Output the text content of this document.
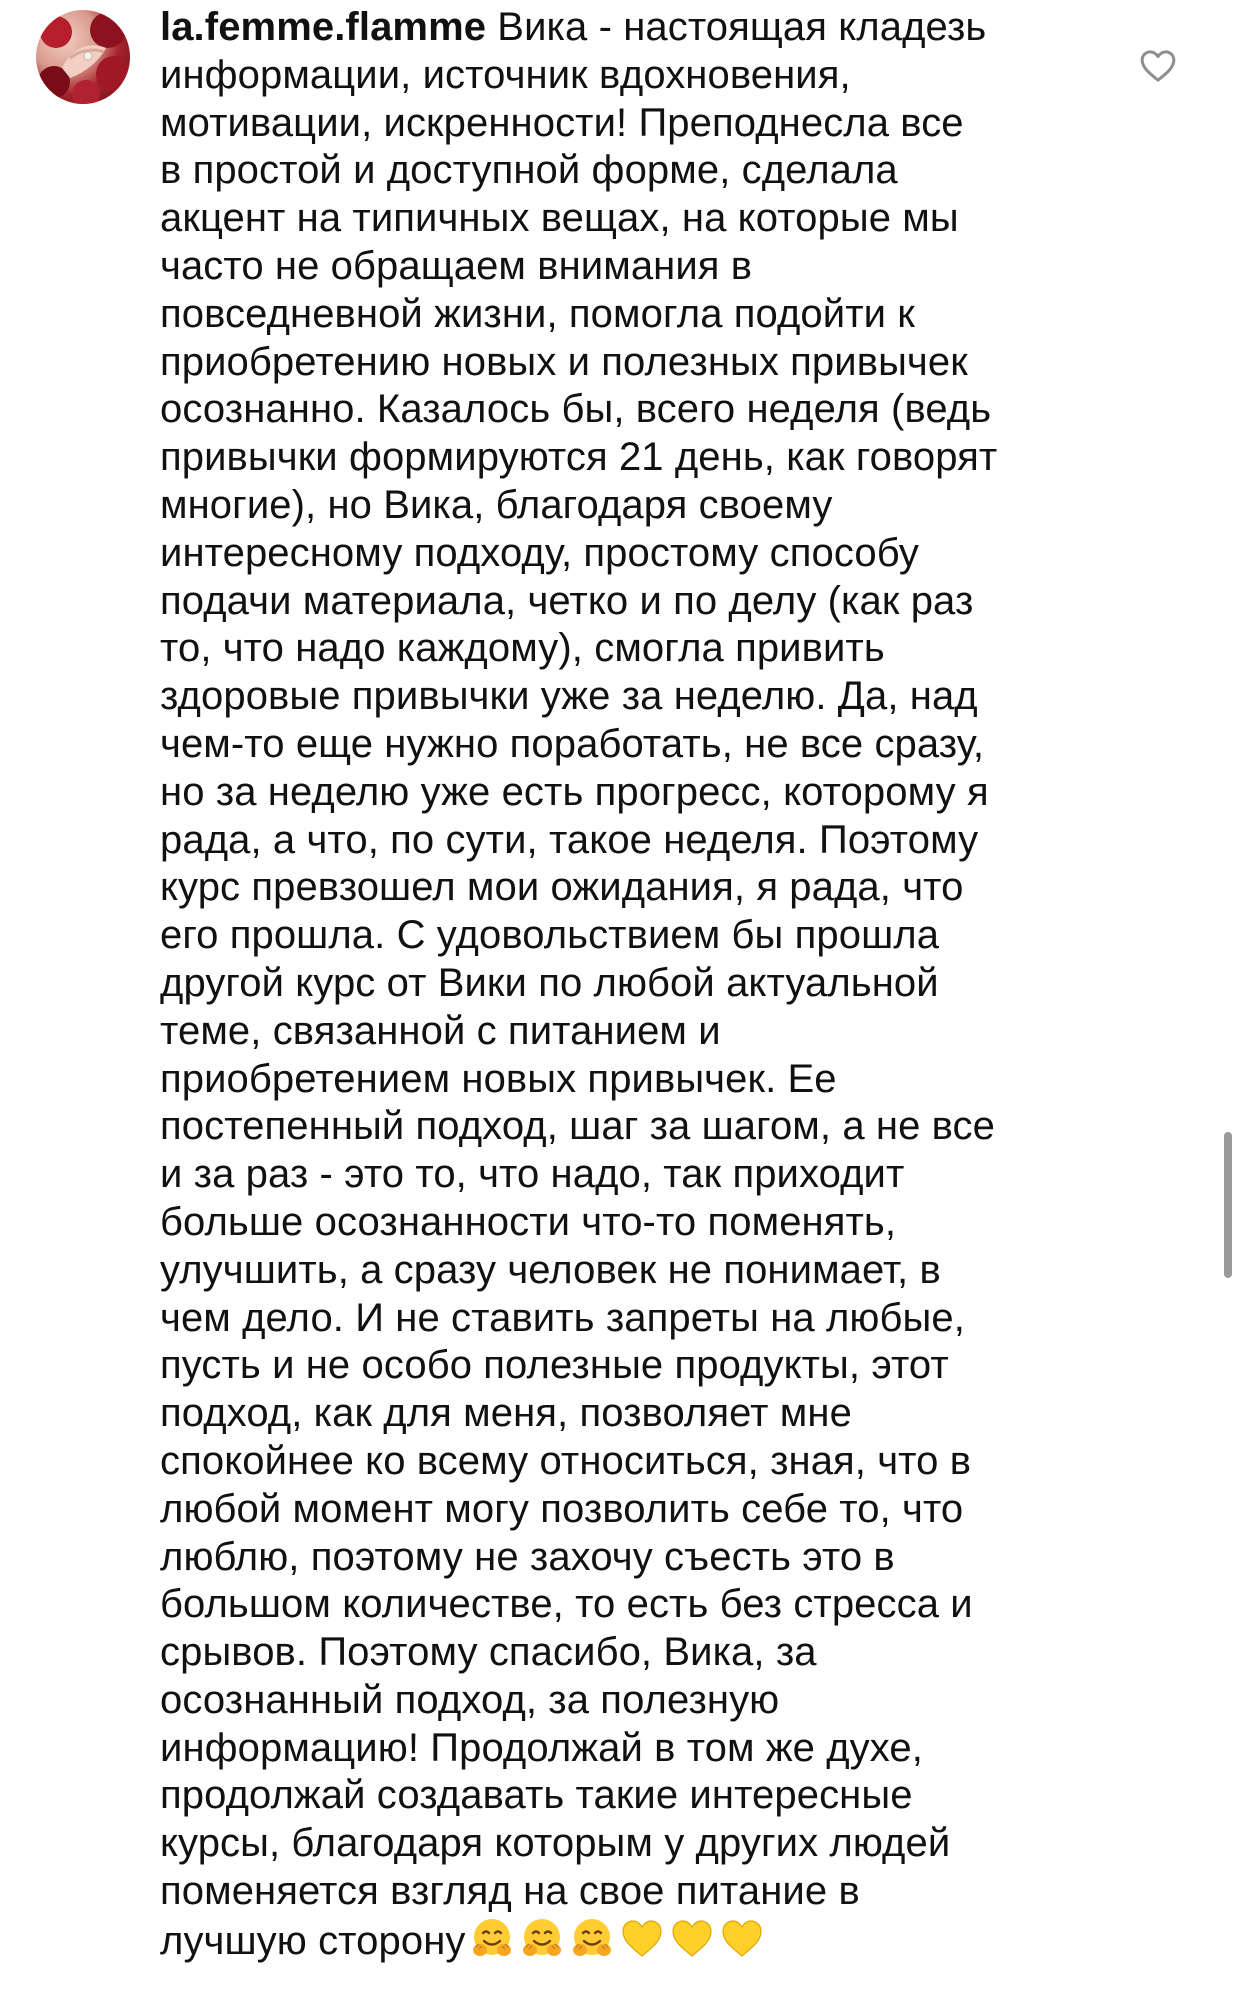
la.femme.flamme Вика - настоящая кладезь
информации, источник вдохновения,
мотивации, искренности! Преподнесла все
в простой и доступной форме, сделала
акцент на типичных вещах, на которые мы
часто не обращаем внимания в
повседневной жизни, помогла подойти к
приобретению новых и полезных привычек
осознанно. Казалось бы, всего неделя (ведь
привычки формируются 21 день, как говорят
многие), но Вика, благодаря своему
интересному подходу, простому способу
подачи материала, четко и по делу (как раз
то, что надо каждому), смогла привить
здоровые привычки уже за неделю. Да, над
чем-то еще нужно поработать, не все сразу,
но за неделю уже есть прогресс, которому я
рада, а что, по сути, такое неделя. Поэтому
курс превзошел мои ожидания, я рада, что
его прошла. С удовольствием бы прошла
другой курс от Вики по любой актуальной
теме, связанной с питанием и
приобретением новых привычек. Ее
постепенный подход, шаг за шагом, а не все
и за раз - это то, что надо, так приходит
больше осознанности что-то поменять,
улучшить, а сразу человек не понимает, в
чем дело. И не ставить запреты на любые,
пусть и не особо полезные продукты, этот
подход, как для меня, позволяет мне
спокойнее ко всему относиться, зная, что в
любой момент могу позволить себе то, что
люблю, поэтому не захочу съесть это в
большом количестве, то есть без стресса и
срывов. Поэтому спасибо, Вика, за
осознанный подход, за полезную
информацию! Продолжай в том же духе,
продолжай создавать такие интересные
курсы, благодаря которым у других людей
поменяется взгляд на свое питание в
лучшую сторону
